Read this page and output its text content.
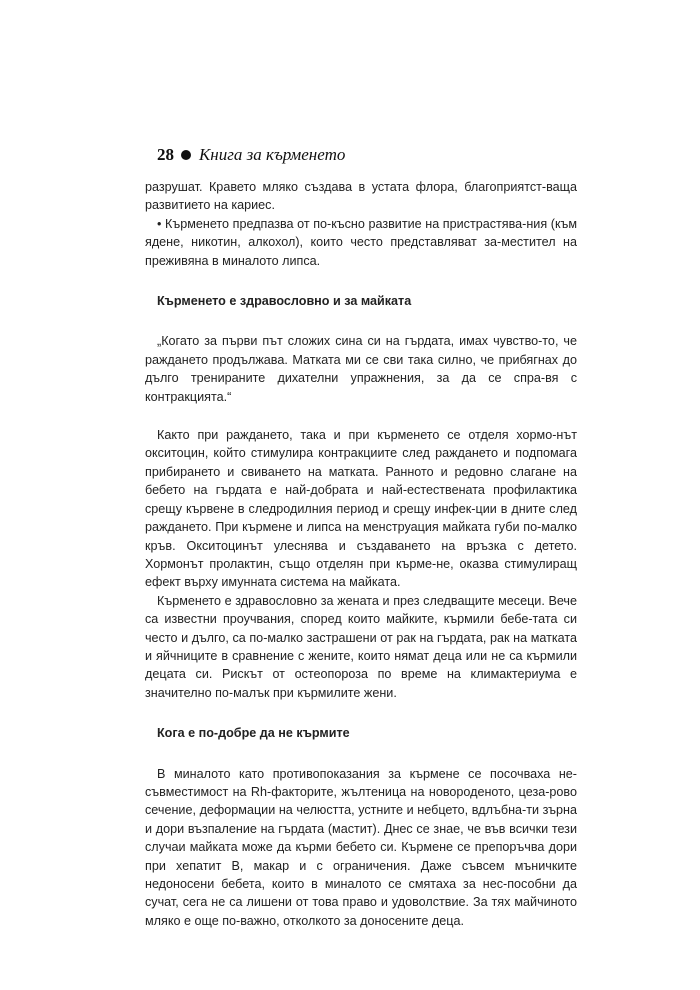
28 Книга за кърменето

разрушат. Кравето мляко създава в устата флора, благоприятст-ваща развитието на кариес.

• Кърменето предпазва от по-късно развитие на пристрастява-ния (към ядене, никотин, алкохол), които често представляват за-местител на преживяна в миналото липса.

Кърменето е здравословно и за майката

„Когато за първи път сложих сина си на гърдата, имах чувство-то, че раждането продължава. Матката ми се сви така силно, че прибягнах до дълго тренираните дихателни упражнения, за да се спра-вя с контракцията.“

Както при раждането, така и при кърменето се отделя хормо-нът окситоцин, който стимулира контракциите след раждането и подпомага прибирането и свиването на матката. Ранното и редовно слагане на бебето на гърдата е най-добрата и най-естествената профилактика срещу кървене в следродилния период и срещу инфек-ции в дните след раждането. При кърмене и липса на менструация майката губи по-малко кръв. Окситоцинът улеснява и създаването на връзка с детето. Хормонът пролактин, също отделян при кърме-не, оказва стимулиращ ефект върху имунната система на майката.

Кърменето е здравословно за жената и през следващите месеци. Вече са известни проучвания, според които майките, кърмили бебе-тата си често и дълго, са по-малко застрашени от рак на гърдата, рак на матката и яйчниците в сравнение с жените, които нямат деца или не са кърмили децата си. Рискът от остеопороза по време на климактериума е значително по-малък при кърмилите жени.

Кога е по-добре да не кърмите

В миналото като противопоказания за кърмене се посочваха не-съвместимост на Rh-факторите, жълтеница на новороденото, цеза-рово сечение, деформации на челюстта, устните и небцето, вдлъбна-ти зърна и дори възпаление на гърдата (мастит). Днес се знае, че във всички тези случаи майката може да кърми бебето си. Кърмене се препоръчва дори при хепатит В, макар и с ограничения. Даже съвсем мъничките недоносени бебета, които в миналото се смятаха за нес-пособни да сучат, сега не са лишени от това право и удоволствие. За тях майчиното мляко е още по-важно, отколкото за доносените деца.
